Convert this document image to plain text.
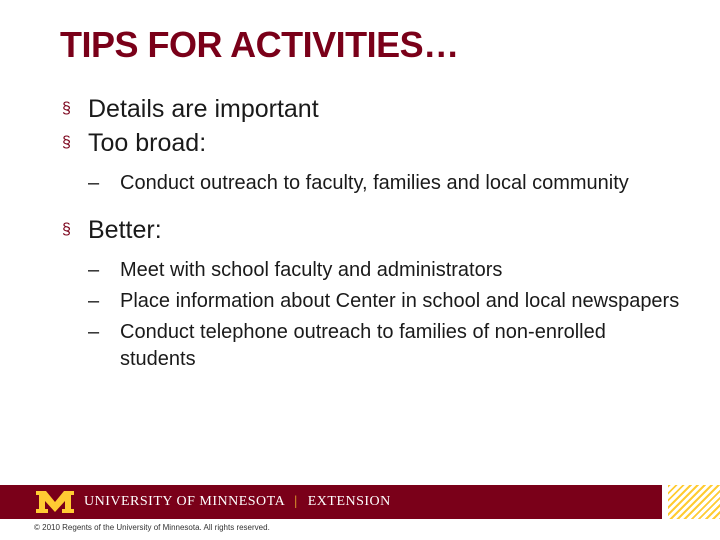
TIPS FOR ACTIVITIES…

§ Details are important

§ Too broad:

– Conduct outreach to faculty, families and local community

§ Better:

– Meet with school faculty and administrators

– Place information about Center in school and local newspapers

– Conduct telephone outreach to families of non-enrolled students

UNIVERSITY OF MINNESOTA | EXTENSION
© 2010 Regents of the University of Minnesota. All rights reserved.
